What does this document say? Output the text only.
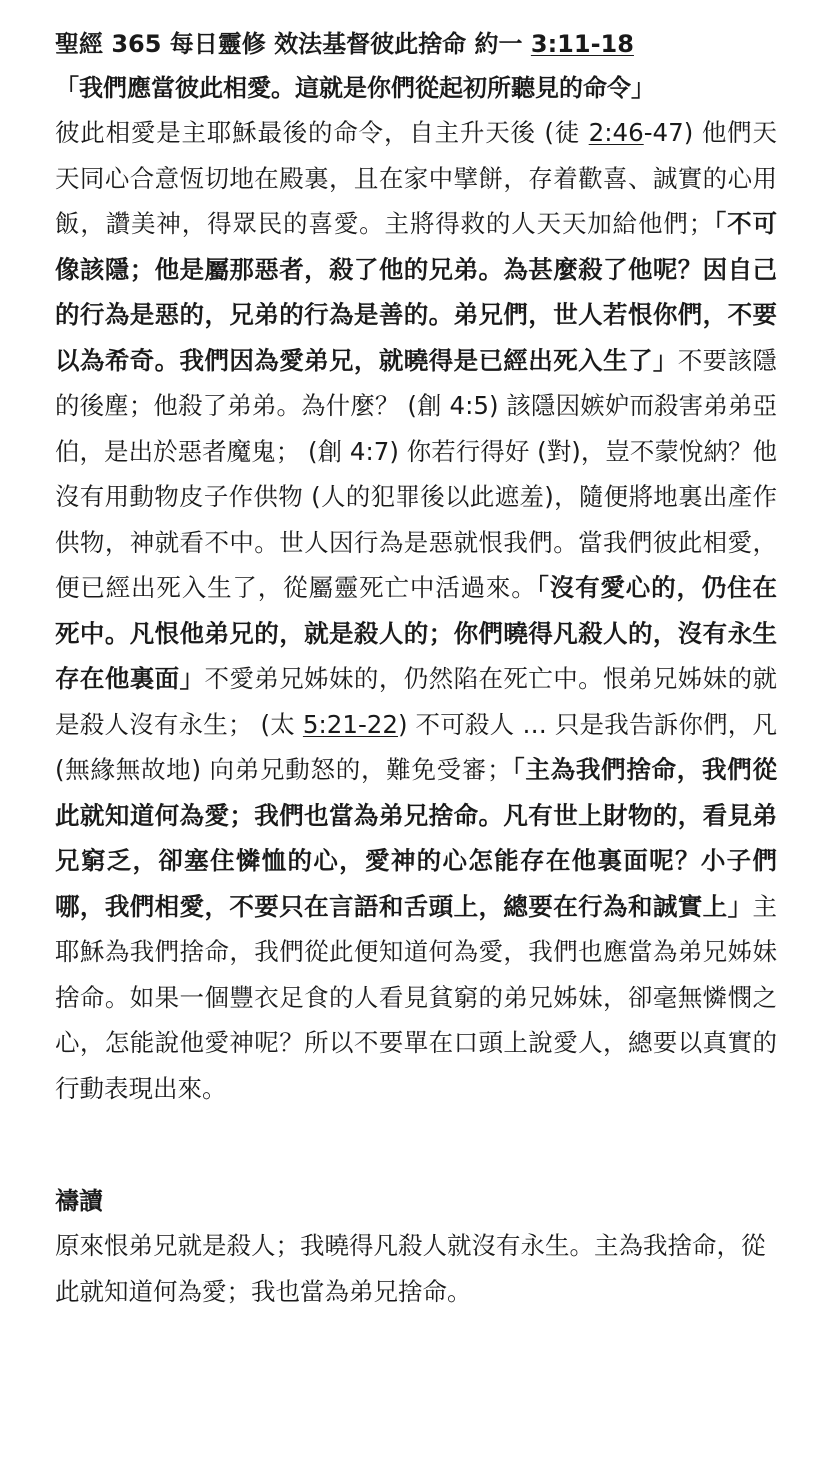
聖經 365 每日靈修 效法基督彼此捨命 約一 3:11-18

「我們應當彼此相愛。這就是你們從起初所聽見的命令」

彼此相愛是主耶穌最後的命令，自主升天後 (徒 2:46-47) 他們天天同心合意恆切地在殿裏，且在家中擘餅，存着歡喜、誠實的心用飯，讚美神，得眾民的喜愛。主將得救的人天天加給他們；「不可像該隱；他是屬那惡者，殺了他的兄弟。為甚麼殺了他呢？因自己的行為是惡的，兄弟的行為是善的。弟兄們，世人若恨你們，不要以為希奇。我們因為愛弟兄，就曉得是已經出死入生了」不要該隱的後塵；他殺了弟弟。為什麼？ (創 4:5) 該隱因嫉妒而殺害弟弟亞伯，是出於惡者魔鬼； (創 4:7) 你若行得好 (對)，豈不蒙悅納？他沒有用動物皮子作供物 (人的犯罪後以此遮羞)，隨便將地裏出產作供物，神就看不中。世人因行為是惡就恨我們。當我們彼此相愛，便已經出死入生了，從屬靈死亡中活過來。「沒有愛心的，仍住在死中。凡恨他弟兄的，就是殺人的；你們曉得凡殺人的，沒有永生存在他裏面」不愛弟兄姊妹的，仍然陷在死亡中。恨弟兄姊妹的就是殺人沒有永生； (太 5:21-22) 不可殺人 … 只是我告訴你們，凡 (無緣無故地) 向弟兄動怒的，難免受審；「主為我們捨命，我們從此就知道何為愛；我們也當為弟兄捨命。凡有世上財物的，看見弟兄窮乏，卻塞住憐恤的心，愛神的心怎能存在他裏面呢？小子們哪，我們相愛，不要只在言語和舌頭上，總要在行為和誠實上」主耶穌為我們捨命，我們從此便知道何為愛，我們也應當為弟兄姊妹捨命。如果一個豐衣足食的人看見貧窮的弟兄姊妹，卻毫無憐憫之心，怎能說他愛神呢？所以不要單在口頭上說愛人，總要以真實的行動表現出來。

禱讀

原來恨弟兄就是殺人；我曉得凡殺人就沒有永生。主為我捨命，從此就知道何為愛；我也當為弟兄捨命。
